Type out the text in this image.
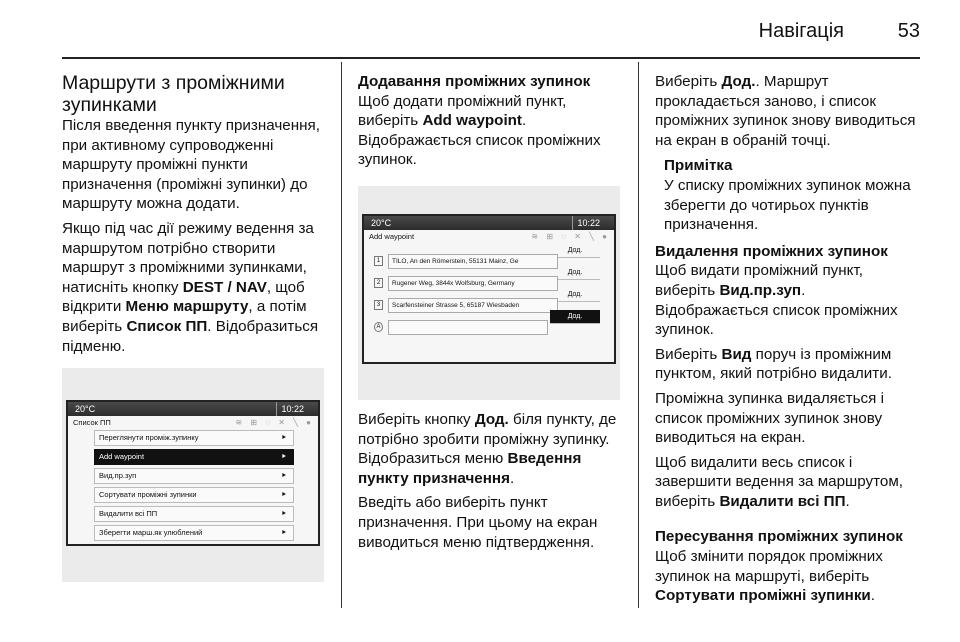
Навігація	53

Маршрути з проміжними зупинками

Після введення пункту призначення, при активному супроводженні маршруту проміжні пункти призначення (проміжні зупинки) до маршруту можна додати.

Якщо під час дії режиму ведення за маршрутом потрібно створити маршрут з проміжними зупинками, натисніть кнопку DEST / NAV, щоб відкрити Меню маршруту, а потім виберіть Список ПП. Відобразиться підменю.

20°C	10:22
Список ПП	≋ ⊞ ◌ ✕ ╲ ●
Переглянути проміж.зупинку	⯈
Add waypoint	⯈
Вид.пр.зуп	⯈
Сортувати проміжні зупинки	⯈
Видалити всі ПП	⯈
Зберегти марш.як улюблений	⯈

Додавання проміжних зупинок

Щоб додати проміжний пункт, виберіть Add waypoint.

Відображається список проміжних зупинок.

20°C	10:22
Add waypoint	≋ ⊞ ◌ ✕ ╲ ●
Дод.
1	TILO, An den Römerstein, 55131 Mainz, Ge
Дод.
2	Rugener Weg, 3844x Wolfsburg, Germany
Дод.
3	Scarfensteiner Strasse 5, 65187 Wiesbaden
Дод.
A

Виберіть кнопку Дод. біля пункту, де потрібно зробити проміжну зупинку. Відобразиться меню Введення пункту призначення.

Введіть або виберіть пункт призначення. При цьому на екран виводиться меню підтвердження.

Виберіть Дод.. Маршрут прокладається заново, і список проміжних зупинок знову виводиться на екран в обраній точці.

Примітка

У списку проміжних зупинок можна зберегти до чотирьох пунктів призначення.

Видалення проміжних зупинок

Щоб видати проміжний пункт, виберіть Вид.пр.зуп.

Відображається список проміжних зупинок.

Виберіть Вид поруч із проміжним пунктом, який потрібно видалити.

Проміжна зупинка видаляється і список проміжних зупинок знову виводиться на екран.

Щоб видалити весь список і завершити ведення за маршрутом, виберіть Видалити всі ПП.

Пересування проміжних зупинок

Щоб змінити порядок проміжних зупинок на маршруті, виберіть Сортувати проміжні зупинки.
